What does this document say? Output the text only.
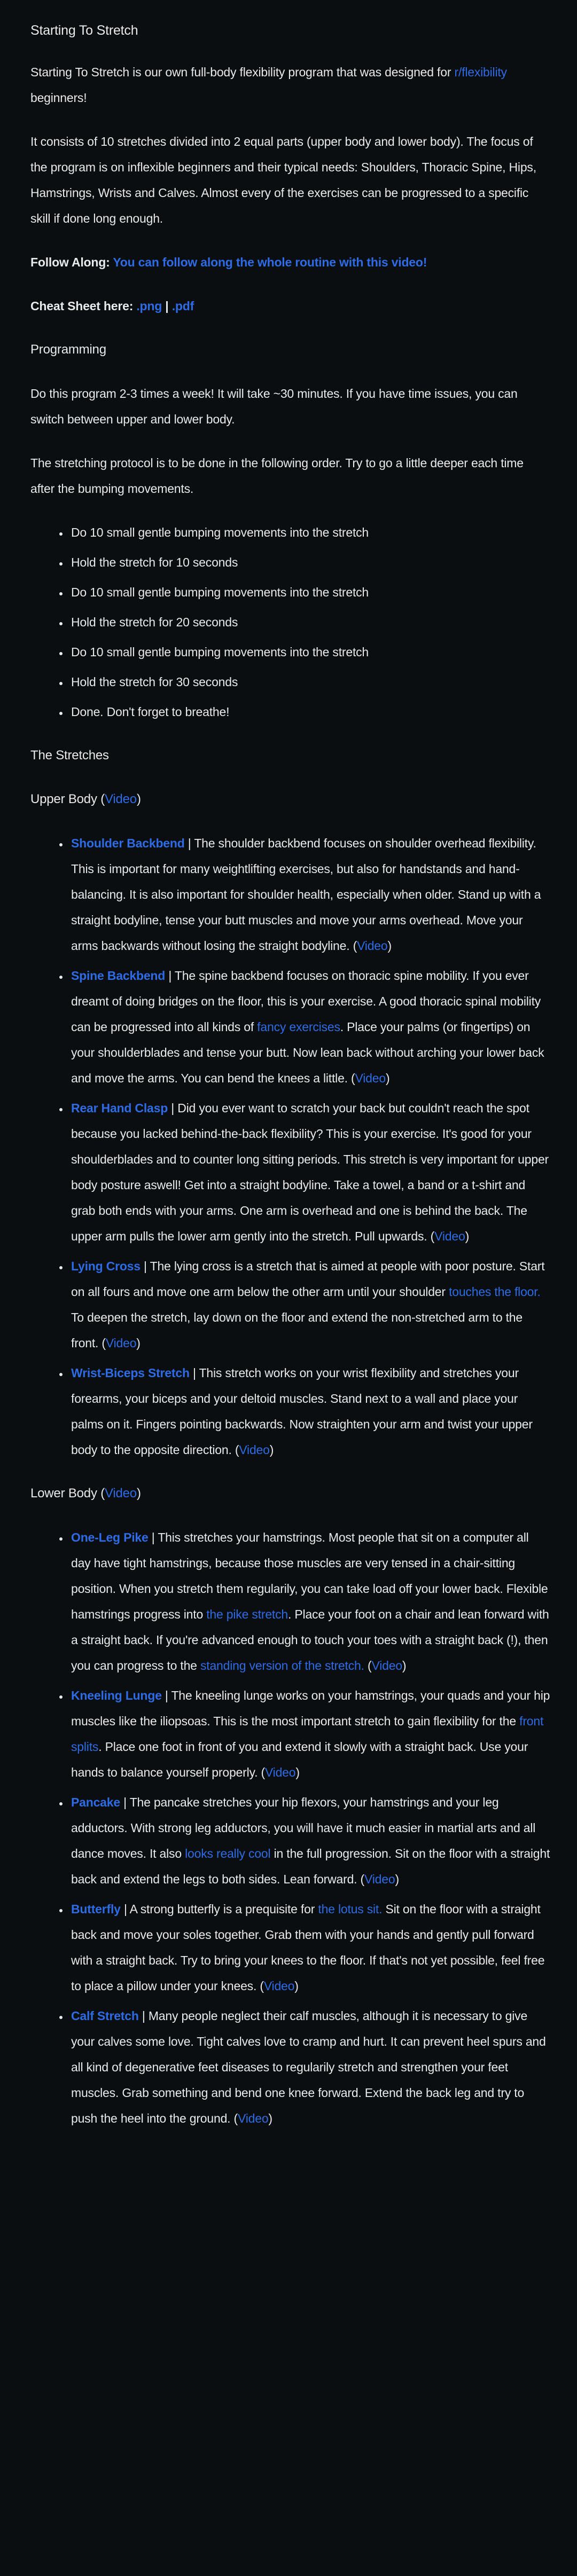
Starting To Stretch

Starting To Stretch is our own full-body flexibility program that was designed for r/flexibility beginners!

It consists of 10 stretches divided into 2 equal parts (upper body and lower body). The focus of the program is on inflexible beginners and their typical needs: Shoulders, Thoracic Spine, Hips, Hamstrings, Wrists and Calves. Almost every of the exercises can be progressed to a specific skill if done long enough.

Follow Along: You can follow along the whole routine with this video!

Cheat Sheet here: .png | .pdf

Programming

Do this program 2-3 times a week! It will take ~30 minutes. If you have time issues, you can switch between upper and lower body.

The stretching protocol is to be done in the following order. Try to go a little deeper each time after the bumping movements.

• Do 10 small gentle bumping movements into the stretch
• Hold the stretch for 10 seconds
• Do 10 small gentle bumping movements into the stretch
• Hold the stretch for 20 seconds
• Do 10 small gentle bumping movements into the stretch
• Hold the stretch for 30 seconds
• Done. Don't forget to breathe!
The Stretches
Upper Body (Video)
• Shoulder Backbend | The shoulder backbend focuses on shoulder overhead flexibility. This is important for many weightlifting exercises, but also for handstands and hand-balancing. It is also important for shoulder health, especially when older. Stand up with a straight bodyline, tense your butt muscles and move your arms overhead. Move your arms backwards without losing the straight bodyline. (Video)
• Spine Backbend | The spine backbend focuses on thoracic spine mobility. If you ever dreamt of doing bridges on the floor, this is your exercise. A good thoracic spinal mobility can be progressed into all kinds of fancy exercises. Place your palms (or fingertips) on your shoulderblades and tense your butt. Now lean back without arching your lower back and move the arms. You can bend the knees a little. (Video)
• Rear Hand Clasp | Did you ever want to scratch your back but couldn't reach the spot because you lacked behind-the-back flexibility? This is your exercise. It's good for your shoulderblades and to counter long sitting periods. This stretch is very important for upper body posture aswell! Get into a straight bodyline. Take a towel, a band or a t-shirt and grab both ends with your arms. One arm is overhead and one is behind the back. The upper arm pulls the lower arm gently into the stretch. Pull upwards. (Video)
• Lying Cross | The lying cross is a stretch that is aimed at people with poor posture. Start on all fours and move one arm below the other arm until your shoulder touches the floor. To deepen the stretch, lay down on the floor and extend the non-stretched arm to the front. (Video)
• Wrist-Biceps Stretch | This stretch works on your wrist flexibility and stretches your forearms, your biceps and your deltoid muscles. Stand next to a wall and place your palms on it. Fingers pointing backwards. Now straighten your arm and twist your upper body to the opposite direction. (Video)
Lower Body (Video)
• One-Leg Pike | This stretches your hamstrings. Most people that sit on a computer all day have tight hamstrings, because those muscles are very tensed in a chair-sitting position. When you stretch them regularily, you can take load off your lower back. Flexible hamstrings progress into the pike stretch. Place your foot on a chair and lean forward with a straight back. If you're advanced enough to touch your toes with a straight back (!), then you can progress to the standing version of the stretch. (Video)
• Kneeling Lunge | The kneeling lunge works on your hamstrings, your quads and your hip muscles like the iliopsoas. This is the most important stretch to gain flexibility for the front splits. Place one foot in front of you and extend it slowly with a straight back. Use your hands to balance yourself properly. (Video)
• Pancake | The pancake stretches your hip flexors, your hamstrings and your leg adductors. With strong leg adductors, you will have it much easier in martial arts and all dance moves. It also looks really cool in the full progression. Sit on the floor with a straight back and extend the legs to both sides. Lean forward. (Video)
• Butterfly | A strong butterfly is a prequisite for the lotus sit. Sit on the floor with a straight back and move your soles together. Grab them with your hands and gently pull forward with a straight back. Try to bring your knees to the floor. If that's not yet possible, feel free to place a pillow under your knees. (Video)
• Calf Stretch | Many people neglect their calf muscles, although it is necessary to give your calves some love. Tight calves love to cramp and hurt. It can prevent heel spurs and all kind of degenerative feet diseases to regularily stretch and strengthen your feet muscles. Grab something and bend one knee forward. Extend the back leg and try to push the heel into the ground. (Video)
